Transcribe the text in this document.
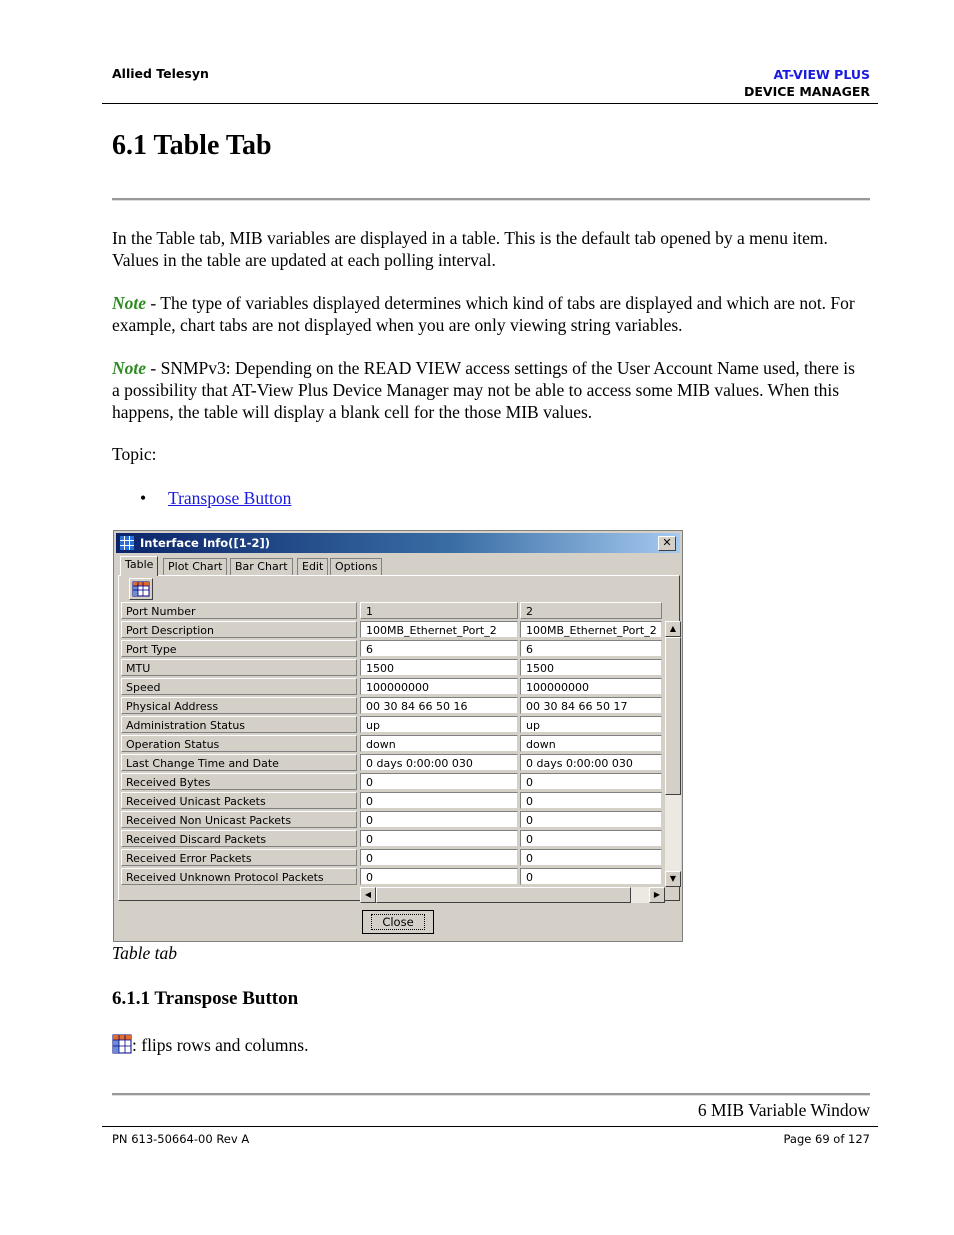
Allied Telesyn	AT-VIEW PLUS
DEVICE MANAGER
6.1 Table Tab

In the Table tab, MIB variables are displayed in a table. This is the default tab opened by a menu item. Values in the table are updated at each polling interval.

Note - The type of variables displayed determines which kind of tabs are displayed and which are not. For example, chart tabs are not displayed when you are only viewing string variables.

Note - SNMPv3: Depending on the READ VIEW access settings of the User Account Name used, there is a possibility that AT-View Plus Device Manager may not be able to access some MIB values. When this happens, the table will display a blank cell for the those MIB values.

Topic:

• Transpose Button
Interface Info([1-2])	✕
Table	Plot Chart	Bar Chart	Edit	Options
Port Number	1	2
Port Description	100MB_Ethernet_Port_2	100MB_Ethernet_Port_2
Port Type	6	6
MTU	1500	1500
Speed	100000000	100000000
Physical Address	00 30 84 66 50 16	00 30 84 66 50 17
Administration Status	up	up
Operation Status	down	down
Last Change Time and Date	0 days 0:00:00 030	0 days 0:00:00 030
Received Bytes	0	0
Received Unicast Packets	0	0
Received Non Unicast Packets	0	0
Received Discard Packets	0	0
Received Error Packets	0	0
Received Unknown Protocol Packets	0	0
▲
▼
◀	▶
Close
Table tab
6.1.1 Transpose Button

: flips rows and columns.

6 MIB Variable Window
PN 613-50664-00 Rev A	Page 69 of 127
